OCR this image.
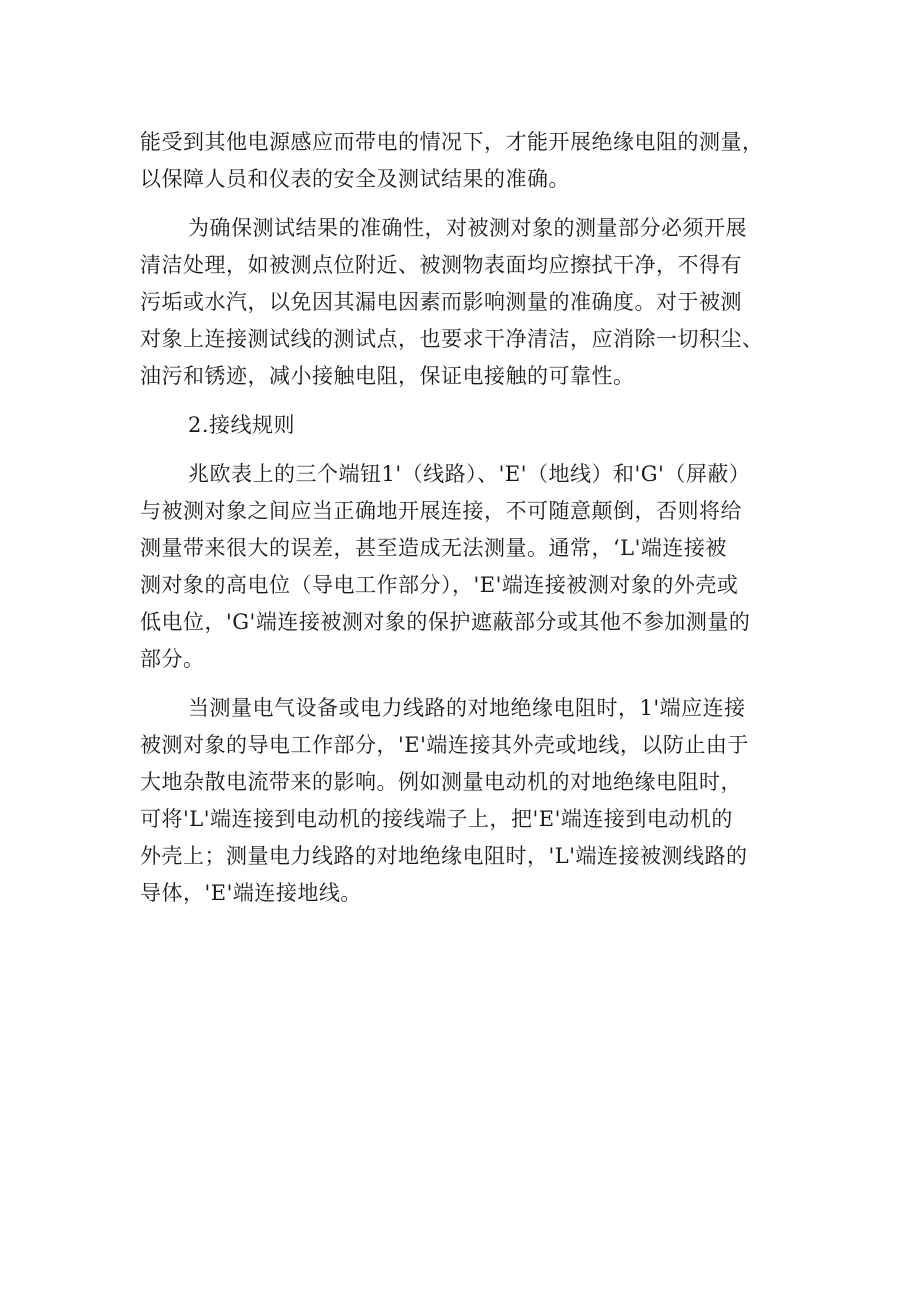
能受到其他电源感应而带电的情况下，才能开展绝缘电阻的测量，
以保障人员和仪表的安全及测试结果的准确。
为确保测试结果的准确性，对被测对象的测量部分必须开展
清洁处理，如被测点位附近、被测物表面均应擦拭干净，不得有
污垢或水汽，以免因其漏电因素而影响测量的准确度。对于被测
对象上连接测试线的测试点，也要求干净清洁，应消除一切积尘、
油污和锈迹，减小接触电阻，保证电接触的可靠性。
2.接线规则
兆欧表上的三个端钮1'（线路）、'E'（地线）和'G'（屏蔽）
与被测对象之间应当正确地开展连接，不可随意颠倒，否则将给
测量带来很大的误差，甚至造成无法测量。通常，‘L'端连接被
测对象的高电位（导电工作部分），'E'端连接被测对象的外壳或
低电位，'G'端连接被测对象的保护遮蔽部分或其他不参加测量的
部分。
当测量电气设备或电力线路的对地绝缘电阻时，1'端应连接
被测对象的导电工作部分，'E'端连接其外壳或地线，以防止由于
大地杂散电流带来的影响。例如测量电动机的对地绝缘电阻时，
可将'L'端连接到电动机的接线端子上，把'E'端连接到电动机的
外壳上；测量电力线路的对地绝缘电阻时，'L'端连接被测线路的
导体，'E'端连接地线。
